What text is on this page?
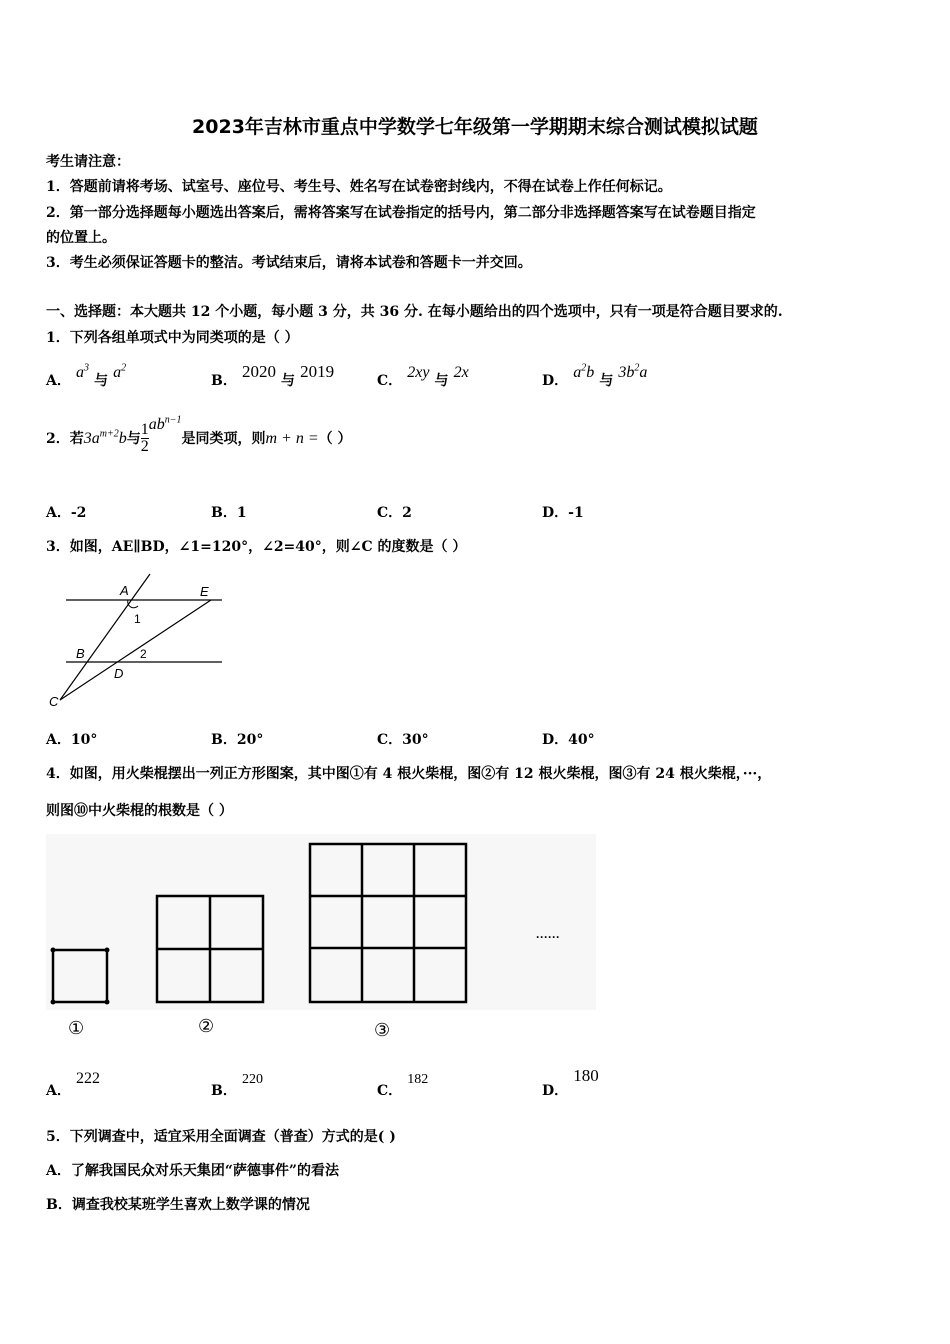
2023年吉林市重点中学数学七年级第一学期期末综合测试模拟试题
考生请注意：
1．答题前请将考场、试室号、座位号、考生号、姓名写在试卷密封线内，不得在试卷上作任何标记。
2．第一部分选择题每小题选出答案后，需将答案写在试卷指定的括号内，第二部分非选择题答案写在试卷题目指定
的位置上。
3．考生必须保证答题卡的整洁。考试结束后，请将本试卷和答题卡一并交回。
一、选择题：本大题共 12 个小题，每小题 3 分，共 36 分. 在每小题给出的四个选项中，只有一项是符合题目要求的.
1．下列各组单项式中为同类项的是（ ）
A． $a^3$ 与 $a^2$
B． 2020 与 2019	C． 2xy 与 2x	D． $a^2b$ 与 $3b^2a$
2．若$3a^{m+2}b$与 $\frac{1}{2} ab^{n-1}$是同类项，则m + n =（ ）
A．-2	B．1	C．2	D．-1
3．如图，AE∥BD，∠1=120°，∠2=40°，则∠C 的度数是（ ）
A	E
1
B	2
D
C
A．10°	B．20°	C．30°	D．40°
4．如图，用火柴棍摆出一列正方形图案，其中图①有 4 根火柴棍，图②有 12 根火柴棍，图③有 24 根火柴棍，···，
则图⑩中火柴棍的根数是（ ）
······
①	②	③
A． 222
B． 220
C． 182
D． 180
5．下列调查中，适宜采用全面调查（普查）方式的是( )
A．了解我国民众对乐天集团“萨德事件”的看法
B．调查我校某班学生喜欢上数学课的情况
